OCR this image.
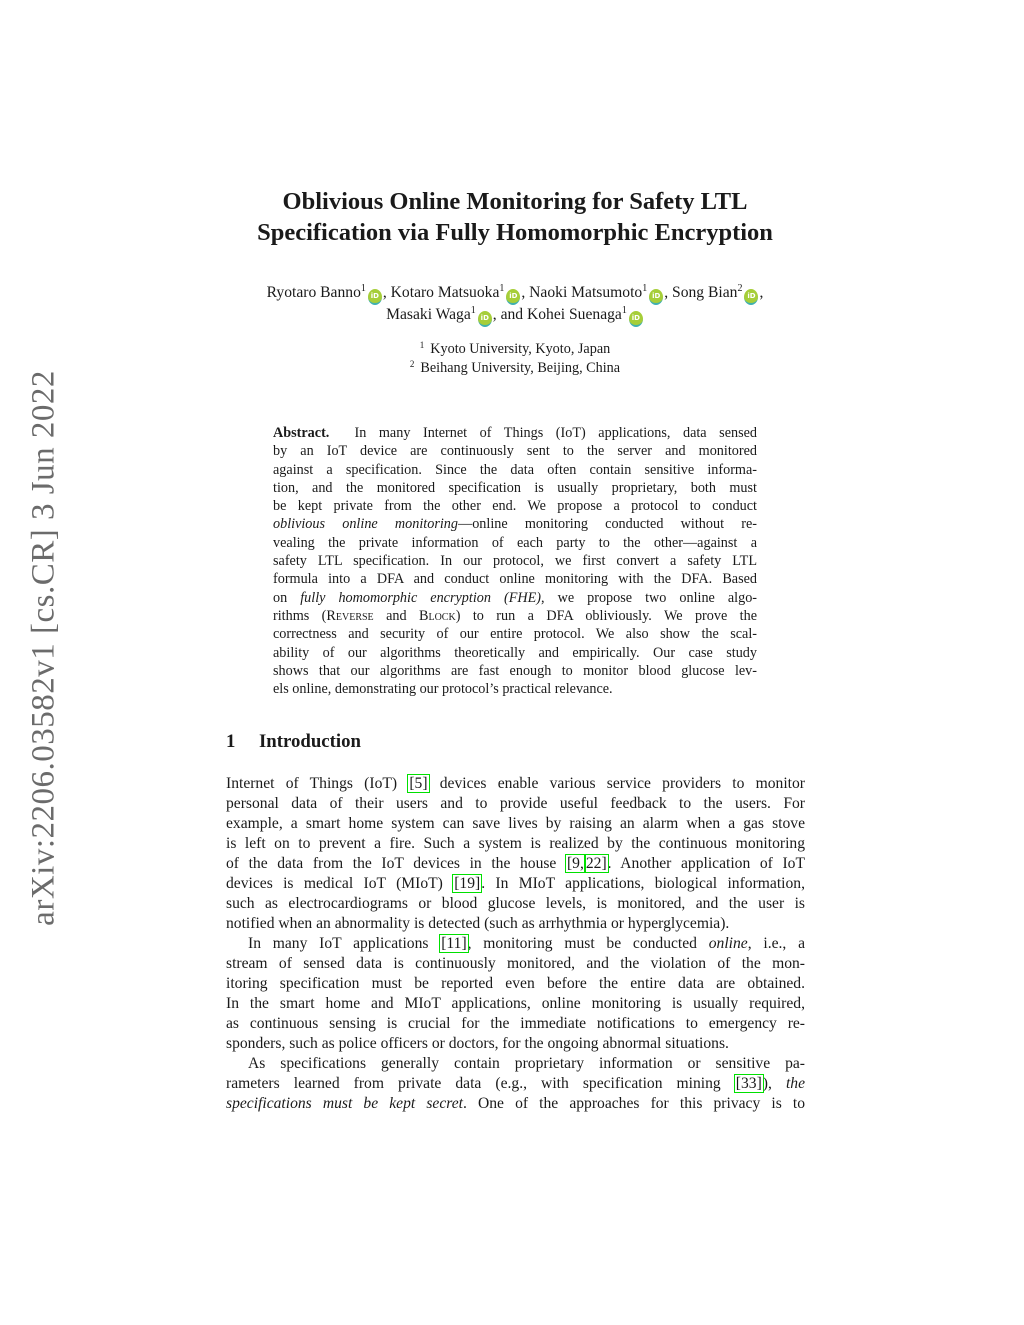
arXiv:2206.03582v1 [cs.CR] 3 Jun 2022
Oblivious Online Monitoring for Safety LTL
Specification via Fully Homomorphic Encryption
Ryotaro Banno$^1$iD , Kotaro Matsuoka$^1$iD , Naoki Matsumoto$^1$iD , Song Bian$^2$iD ,
Masaki Waga$^1$iD , and Kohei Suenaga$^1$iD
$^1$ Kyoto University, Kyoto, Japan
$^2$ Beihang University, Beijing, China
Abstract. In many Internet of Things (IoT) applications, data sensed
by an IoT device are continuously sent to the server and monitored
against a specification. Since the data often contain sensitive informa-
tion, and the monitored specification is usually proprietary, both must
be kept private from the other end. We propose a protocol to conduct
oblivious online monitoring—online monitoring conducted without re-
vealing the private information of each party to the other—against a
safety LTL specification. In our protocol, we first convert a safety LTL
formula into a DFA and conduct online monitoring with the DFA. Based
on fully homomorphic encryption (FHE), we propose two online algo-
rithms (Reverse and Block) to run a DFA obliviously. We prove the
correctness and security of our entire protocol. We also show the scal-
ability of our algorithms theoretically and empirically. Our case study
shows that our algorithms are fast enough to monitor blood glucose lev-
els online, demonstrating our protocol’s practical relevance.
1 Introduction
Internet of Things (IoT) [5] devices enable various service providers to monitor
personal data of their users and to provide useful feedback to the users. For
example, a smart home system can save lives by raising an alarm when a gas stove
is left on to prevent a fire. Such a system is realized by the continuous monitoring
of the data from the IoT devices in the house [9, 22]. Another application of IoT
devices is medical IoT (MIoT) [19]. In MIoT applications, biological information,
such as electrocardiograms or blood glucose levels, is monitored, and the user is
notified when an abnormality is detected (such as arrhythmia or hyperglycemia).
In many IoT applications [11], monitoring must be conducted online, i.e., a
stream of sensed data is continuously monitored, and the violation of the mon-
itoring specification must be reported even before the entire data are obtained.
In the smart home and MIoT applications, online monitoring is usually required,
as continuous sensing is crucial for the immediate notifications to emergency re-
sponders, such as police officers or doctors, for the ongoing abnormal situations.
As specifications generally contain proprietary information or sensitive pa-
rameters learned from private data (e.g., with specification mining [33]), the
specifications must be kept secret. One of the approaches for this privacy is to
